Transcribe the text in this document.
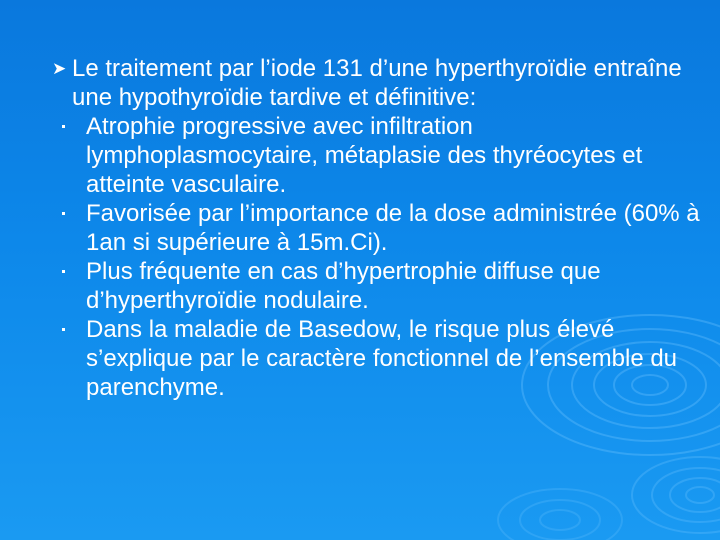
➤ Le traitement par l’iode 131 d’une hyperthyroïdie entraîne une hypothyroïdie tardive et définitive:
Atrophie progressive avec infiltration lymphoplasmocytaire, métaplasie des thyréocytes et atteinte vasculaire.
Favorisée par l’importance de la dose administrée (60% à 1an si supérieure à 15m.Ci).
Plus fréquente en cas d’hypertrophie diffuse que d’hyperthyroïdie nodulaire.
Dans la maladie de Basedow, le risque plus élevé s’explique par le caractère fonctionnel de l’ensemble du parenchyme.
